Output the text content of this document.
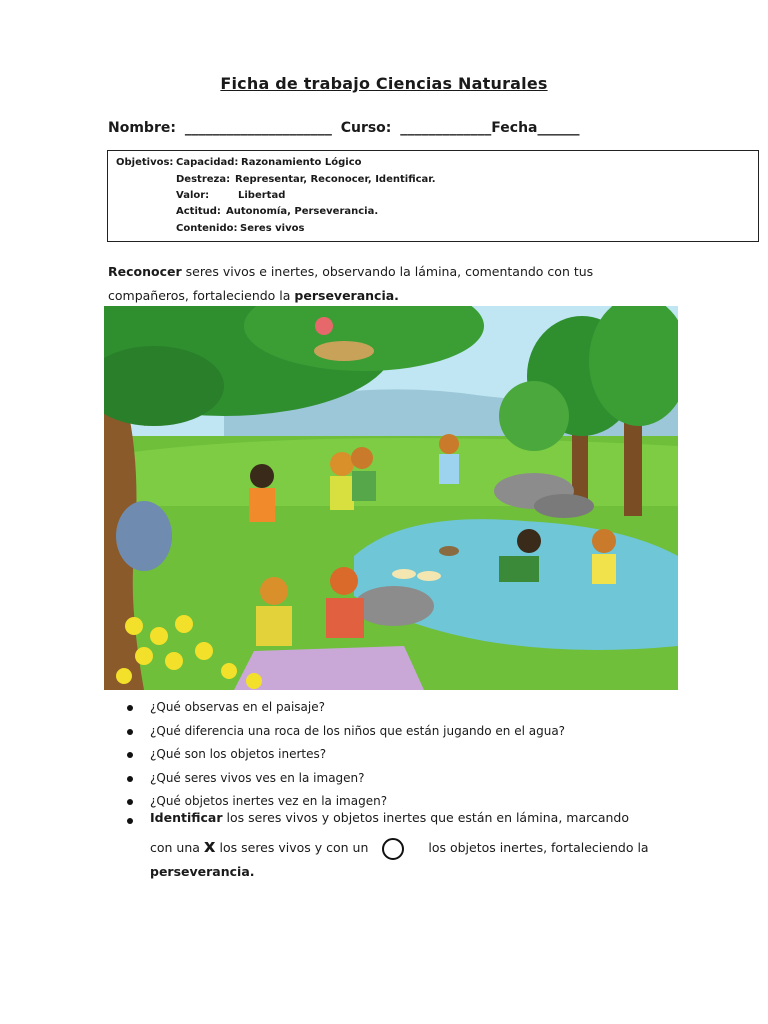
Ficha de trabajo Ciencias Naturales
Nombre: _____________________ Curso: _____________Fecha______
Objetivos: Capacidad: Razonamiento Lógico
Destreza: Representar, Reconocer, Identificar.
Valor:	Libertad
Actitud: Autonomía, Perseverancia.
Contenido: Seres vivos
Reconocer seres vivos e inertes, observando la lámina, comentando con tus
compañeros, fortaleciendo la perseverancia.
¿Qué observas en el paisaje?
¿Qué diferencia una roca de los niños que están jugando en el agua?
¿Qué son los objetos inertes?
¿Qué seres vivos ves en la imagen?
¿Qué objetos inertes vez en la imagen?
Identificar los seres vivos y objetos inertes que están en lámina, marcando
con una x los seres vivos y con un	los objetos inertes, fortaleciendo la
perseverancia.
